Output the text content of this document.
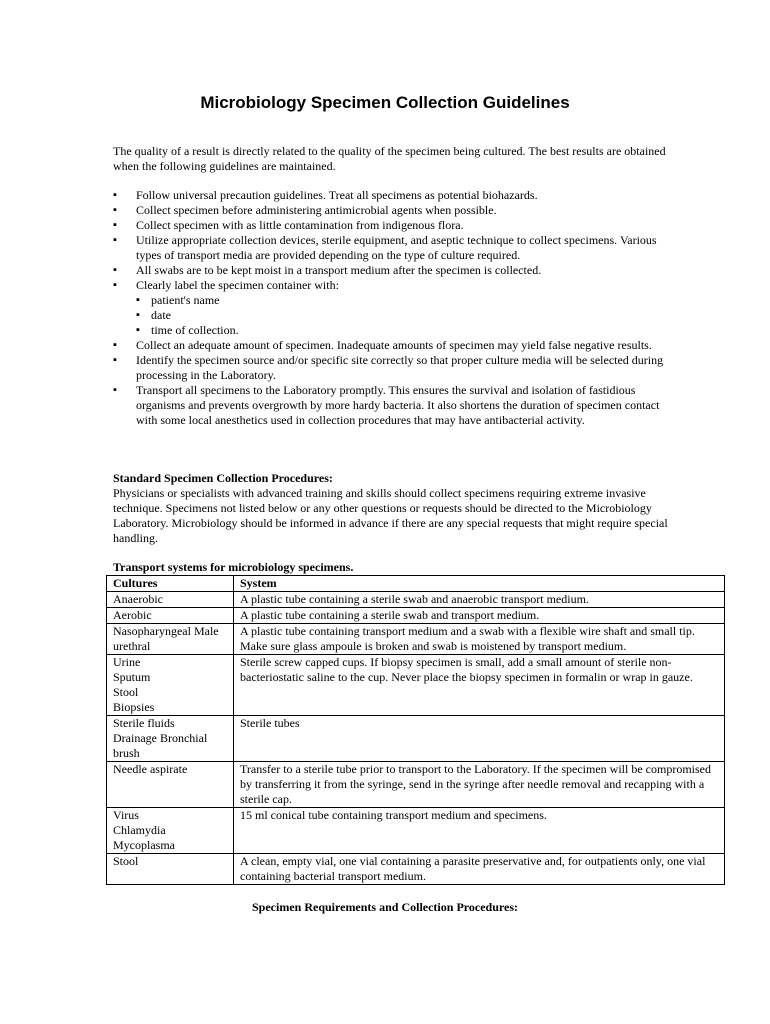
Microbiology Specimen Collection Guidelines

The quality of a result is directly related to the quality of the specimen being cultured. The best results are obtained when the following guidelines are maintained.

▪ Follow universal precaution guidelines. Treat all specimens as potential biohazards.
▪ Collect specimen before administering antimicrobial agents when possible.
▪ Collect specimen with as little contamination from indigenous flora.
▪ Utilize appropriate collection devices, sterile equipment, and aseptic technique to collect specimens. Various types of transport media are provided depending on the type of culture required.
▪ All swabs are to be kept moist in a transport medium after the specimen is collected.
▪ Clearly label the specimen container with:
▪ patient's name
▪ date
▪ time of collection.
▪ Collect an adequate amount of specimen. Inadequate amounts of specimen may yield false negative results.
▪ Identify the specimen source and/or specific site correctly so that proper culture media will be selected during processing in the Laboratory.
▪ Transport all specimens to the Laboratory promptly. This ensures the survival and isolation of fastidious organisms and prevents overgrowth by more hardy bacteria. It also shortens the duration of specimen contact with some local anesthetics used in collection procedures that may have antibacterial activity.

Standard Specimen Collection Procedures:

Physicians or specialists with advanced training and skills should collect specimens requiring extreme invasive technique. Specimens not listed below or any other questions or requests should be directed to the Microbiology Laboratory. Microbiology should be informed in advance if there are any special requests that might require special handling.

Transport systems for microbiology specimens.

Cultures	System

Anaerobic	A plastic tube containing a sterile swab and anaerobic transport medium.

Aerobic	A plastic tube containing a sterile swab and transport medium.

Nasopharyngeal Male
urethral	A plastic tube containing transport medium and a swab with a flexible wire shaft and small tip. Make sure glass ampoule is broken and swab is moistened by transport medium.

Urine
Sputum
Stool
Biopsies	Sterile screw capped cups. If biopsy specimen is small, add a small amount of sterile non-bacteriostatic saline to the cup. Never place the biopsy specimen in formalin or wrap in gauze.

Sterile fluids
Drainage Bronchial
brush	Sterile tubes

Needle aspirate	Transfer to a sterile tube prior to transport to the Laboratory. If the specimen will be compromised by transferring it from the syringe, send in the syringe after needle removal and recapping with a sterile cap.

Virus
Chlamydia
Mycoplasma	15 ml conical tube containing transport medium and specimens.

Stool	A clean, empty vial, one vial containing a parasite preservative and, for outpatients only, one vial containing bacterial transport medium.

Specimen Requirements and Collection Procedures:
